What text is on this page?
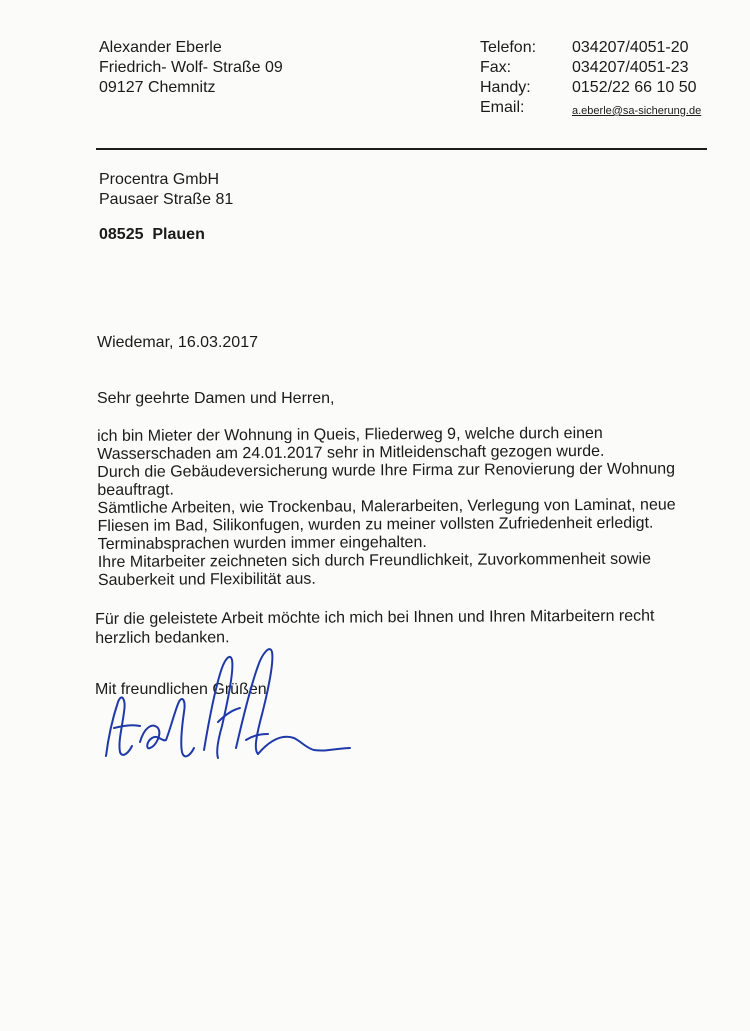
Alexander Eberle
Friedrich- Wolf- Straße 09
09127 Chemnitz
Telefon:	034207/4051-20
Fax:	034207/4051-23
Handy:	0152/22 66 10 50
Email:	a.eberle@sa-sicherung.de
Procentra GmbH
Pausaer Straße 81
08525  Plauen
Wiedemar, 16.03.2017
Sehr geehrte Damen und Herren,
ich bin Mieter der Wohnung in Queis, Fliederweg 9, welche durch einen
Wasserschaden am 24.01.2017 sehr in Mitleidenschaft gezogen wurde.
Durch die Gebäudeversicherung wurde Ihre Firma zur Renovierung der Wohnung
beauftragt.
Sämtliche Arbeiten, wie Trockenbau, Malerarbeiten, Verlegung von Laminat, neue
Fliesen im Bad, Silikonfugen, wurden zu meiner vollsten Zufriedenheit erledigt.
Terminabsprachen wurden immer eingehalten.
Ihre Mitarbeiter zeichneten sich durch Freundlichkeit, Zuvorkommenheit sowie
Sauberkeit und Flexibilität aus.
Für die geleistete Arbeit möchte ich mich bei Ihnen und Ihren Mitarbeitern recht
herzlich bedanken.
Mit freundlichen Grüßen
